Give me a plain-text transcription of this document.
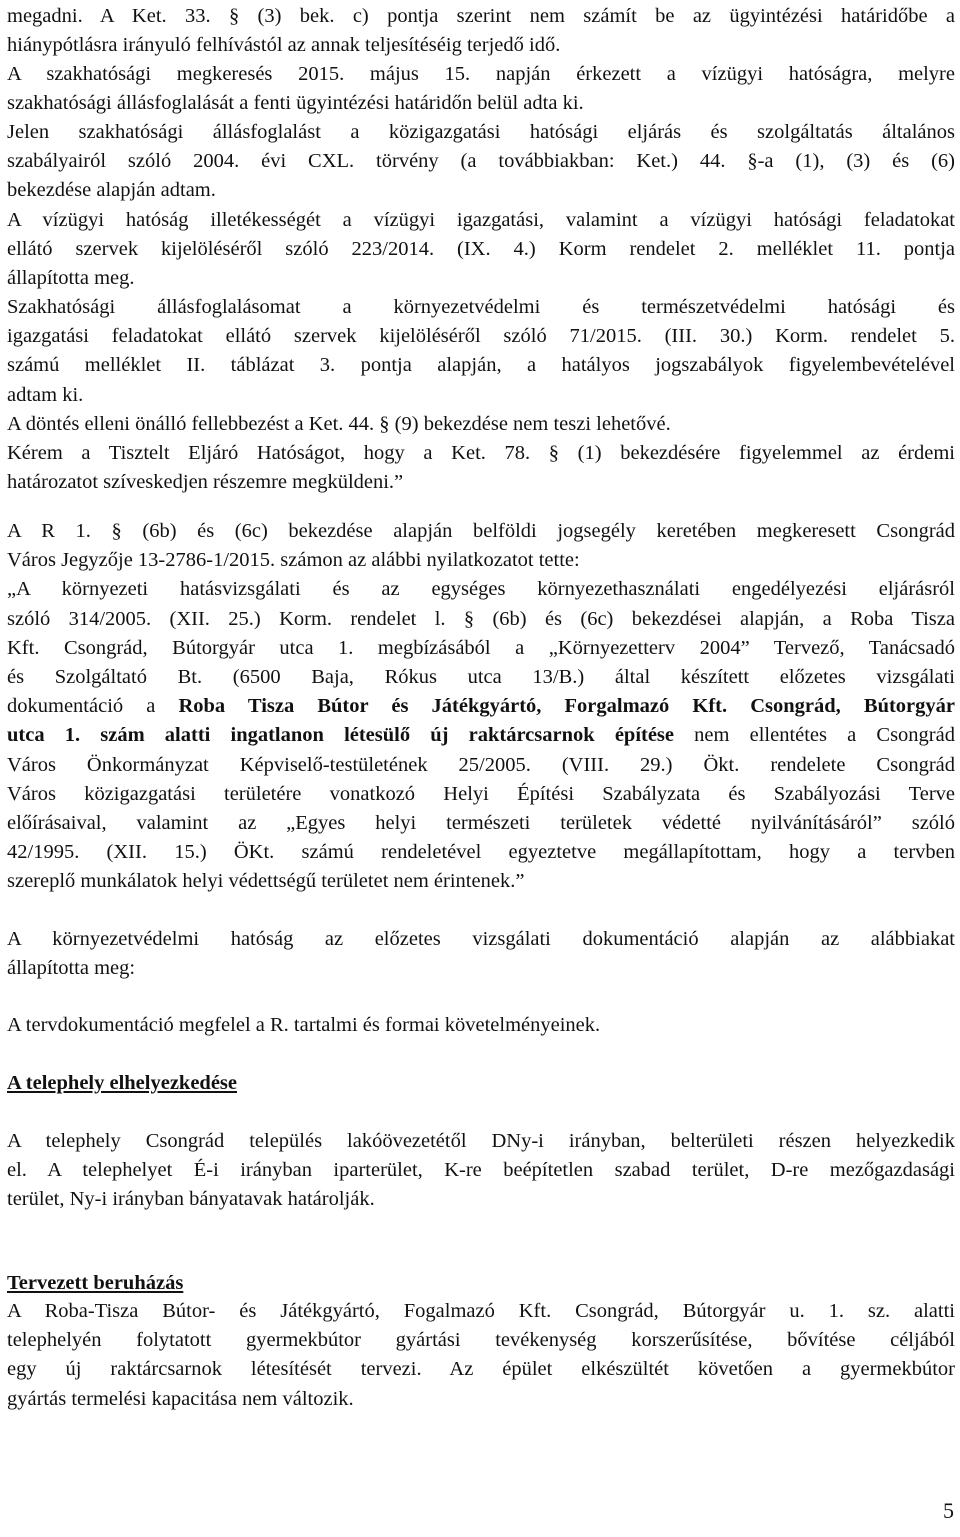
megadni. A Ket. 33. § (3) bek. c) pontja szerint nem számít be az ügyintézési határidőbe a
hiánypótlásra irányuló felhívástól az annak teljesítéséig terjedő idő.
A szakhatósági megkeresés 2015. május 15. napján érkezett a vízügyi hatóságra, melyre
szakhatósági állásfoglalását a fenti ügyintézési határidőn belül adta ki.
Jelen szakhatósági állásfoglalást a közigazgatási hatósági eljárás és szolgáltatás általános
szabályairól szóló 2004. évi CXL. törvény (a továbbiakban: Ket.) 44. §-a (1), (3) és (6)
bekezdése alapján adtam.
A vízügyi hatóság illetékességét a vízügyi igazgatási, valamint a vízügyi hatósági feladatokat
ellátó szervek kijelöléséről szóló 223/2014. (IX. 4.) Korm rendelet 2. melléklet 11. pontja
állapította meg.
Szakhatósági állásfoglalásomat a környezetvédelmi és természetvédelmi hatósági és
igazgatási feladatokat ellátó szervek kijelöléséről szóló 71/2015. (III. 30.) Korm. rendelet 5.
számú melléklet II. táblázat 3. pontja alapján, a hatályos jogszabályok figyelembevételével
adtam ki.
A döntés elleni önálló fellebbezést a Ket. 44. § (9) bekezdése nem teszi lehetővé.
Kérem a Tisztelt Eljáró Hatóságot, hogy a Ket. 78. § (1) bekezdésére figyelemmel az érdemi
határozatot szíveskedjen részemre megküldeni.”
A R 1. § (6b) és (6c) bekezdése alapján belföldi jogsegély keretében megkeresett Csongrád
Város Jegyzője 13-2786-1/2015. számon az alábbi nyilatkozatot tette:
„A környezeti hatásvizsgálati és az egységes környezethasználati engedélyezési eljárásról
szóló 314/2005. (XII. 25.) Korm. rendelet l. § (6b) és (6c) bekezdései alapján, a Roba Tisza
Kft. Csongrád, Bútorgyár utca 1. megbízásából a „Környezetterv 2004” Tervező, Tanácsadó
és Szolgáltató Bt. (6500 Baja, Rókus utca 13/B.) által készített előzetes vizsgálati
dokumentáció a Roba Tisza Bútor és Játékgyártó, Forgalmazó Kft. Csongrád, Bútorgyár
utca 1. szám alatti ingatlanon létesülő új raktárcsarnok építése nem ellentétes a Csongrád
Város Önkormányzat Képviselő-testületének 25/2005. (VIII. 29.) Ökt. rendelete Csongrád
Város közigazgatási területére vonatkozó Helyi Építési Szabályzata és Szabályozási Terve
előírásaival, valamint az „Egyes helyi természeti területek védetté nyilvánításáról” szóló
42/1995. (XII. 15.) ÖKt. számú rendeletével egyeztetve megállapítottam, hogy a tervben
szereplő munkálatok helyi védettségű területet nem érintenek.”
A környezetvédelmi hatóság az előzetes vizsgálati dokumentáció alapján az alábbiakat
állapította meg:
A tervdokumentáció megfelel a R. tartalmi és formai követelményeinek.
A telephely elhelyezkedése
A telephely Csongrád település lakóövezetétől DNy-i irányban, belterületi részen helyezkedik
el. A telephelyet É-i irányban iparterület, K-re beépítetlen szabad terület, D-re mezőgazdasági
terület, Ny-i irányban bányatavak határolják.
Tervezett beruházás
A Roba-Tisza Bútor- és Játékgyártó, Fogalmazó Kft. Csongrád, Bútorgyár u. 1. sz. alatti
telephelyén folytatott gyermekbútor gyártási tevékenység korszerűsítése, bővítése céljából
egy új raktárcsarnok létesítését tervezi. Az épület elkészültét követően a gyermekbútor
gyártás termelési kapacitása nem változik.
5
